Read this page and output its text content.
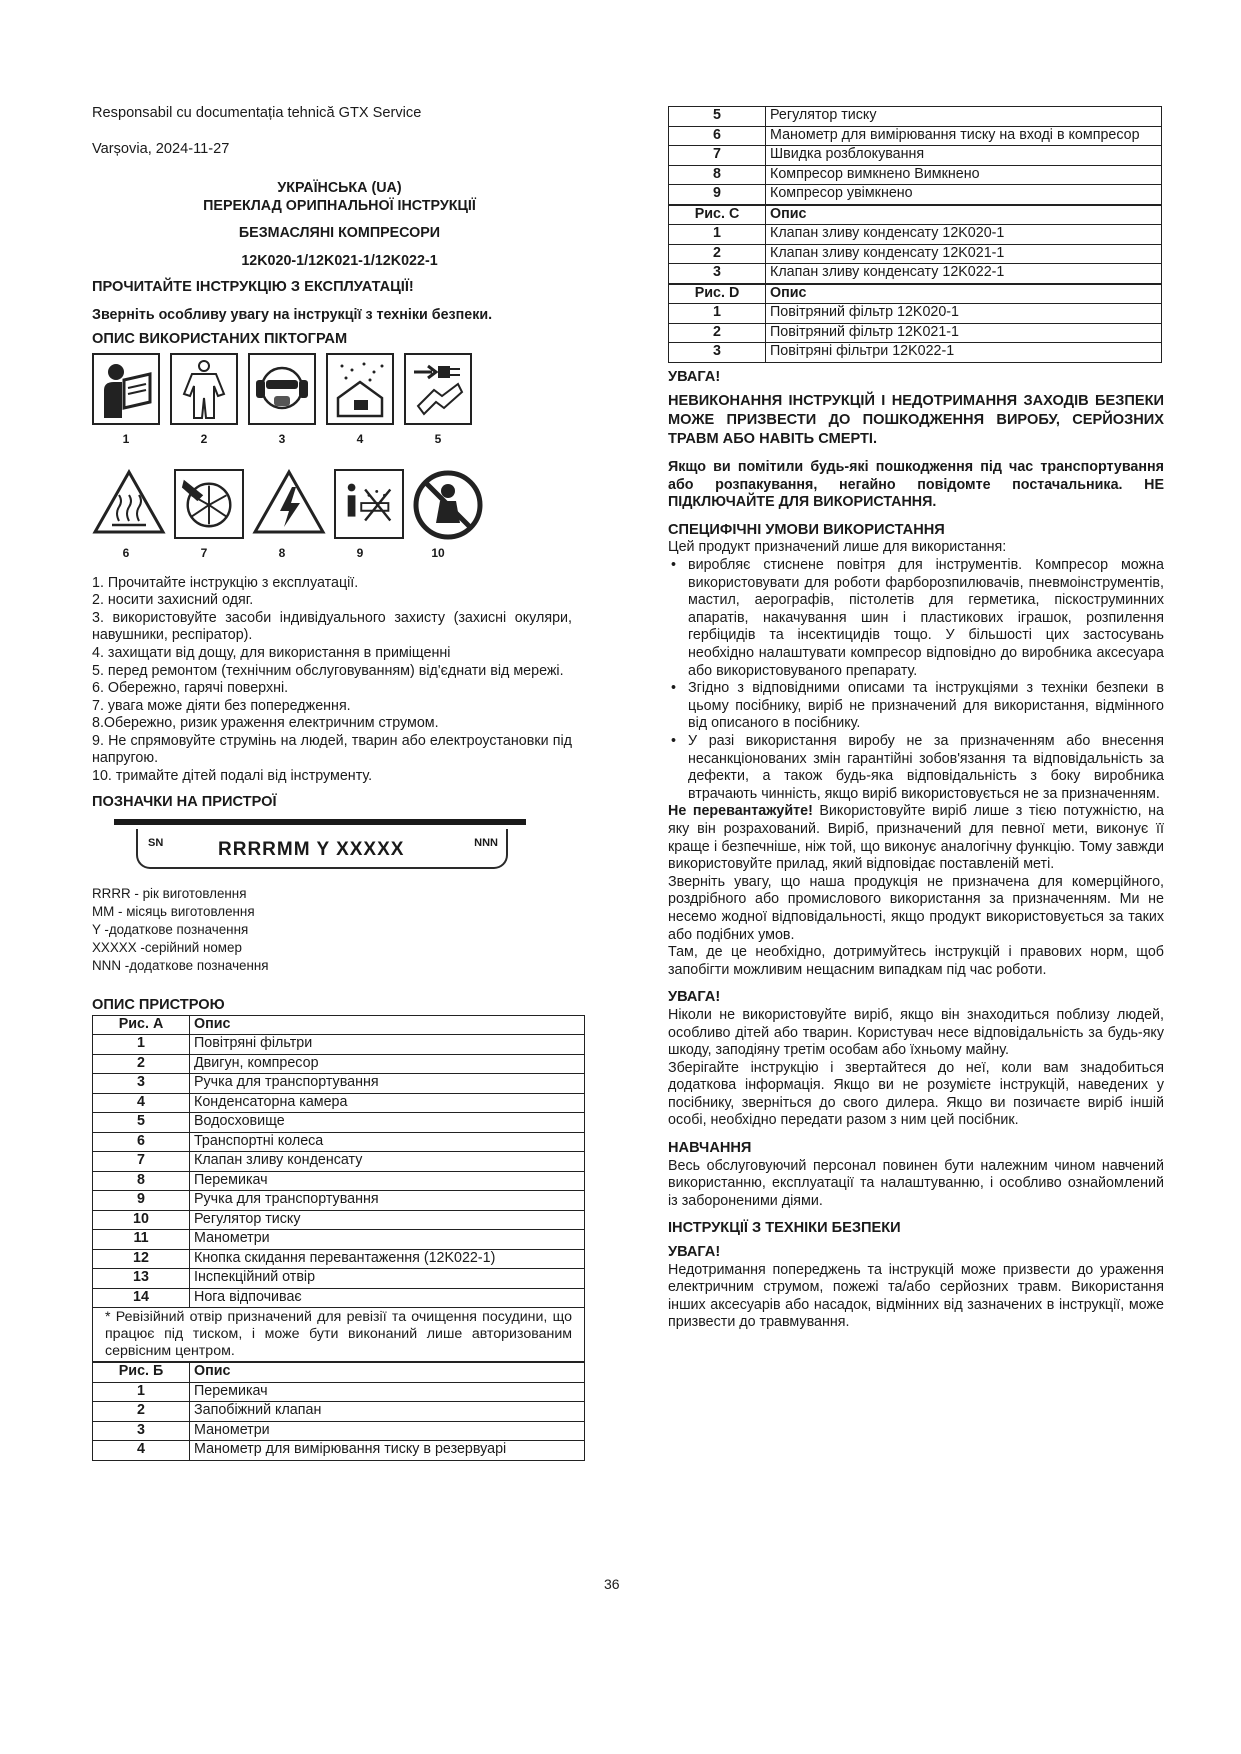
Responsabil cu documentația tehnică GTX Service

Varșovia, 2024-11-27

УКРАЇНСЬКА (UA)

ПЕРЕКЛАД ОРИПНАЛЬНОЇ ІНСТРУКЦІЇ

БЕЗМАСЛЯНІ КОМПРЕСОРИ

12K020-1/12K021-1/12K022-1

ПРОЧИТАЙТЕ ІНСТРУКЦІЮ З ЕКСПЛУАТАЦІЇ!

Зверніть особливу увагу на інструкції з техніки безпеки.

ОПИС ВИКОРИСТАНИХ ПІКТОГРАМ

1	2	3	4	5
6	7	8	9	10

1. Прочитайте інструкцію з експлуатації.

2. носити захисний одяг.

3. використовуйте засоби індивідуального захисту (захисні окуляри, навушники, респіратор).

4. захищати від дощу, для використання в приміщенні

5. перед ремонтом (технічним обслуговуванням) від'єднати від мережі.

6. Обережно, гарячі поверхні.

7. увага може діяти без попередження.

8.Обережно, ризик ураження електричним струмом.

9. Не спрямовуйте струмінь на людей, тварин або електроустановки під напругою.

10. тримайте дітей подалі від інструменту.

ПОЗНАЧКИ НА ПРИСТРОЇ

SN	RRRRMM Y XXXXX	NNN

RRRR - рік виготовлення

MM - місяць виготовлення

Y -додаткове позначення

XXXXX -серійний номер

NNN -додаткове позначення

ОПИС ПРИСТРОЮ

Рис. A	Опис
1	Повітряні фільтри
2	Двигун, компресор
3	Ручка для транспортування
4	Конденсаторна камера
5	Водосховище
6	Транспортні колеса
7	Клапан зливу конденсату
8	Перемикач
9	Ручка для транспортування
10	Регулятор тиску
11	Манометри
12	Кнопка скидання перевантаження (12K022-1)
13	Інспекційний отвір
14	Нога відпочиває
* Ревізійний отвір призначений для ревізії та очищення посудини, що працює під тиском, і може бути виконаний лише авторизованим сервісним центром.	
Рис. Б	Опис
1	Перемикач
2	Запобіжний клапан
3	Манометри
4	Манометр для вимірювання тиску в резервуарі
5	Регулятор тиску
6	Манометр для вимірювання тиску на вході в компресор
7	Швидка розблокування
8	Компресор вимкнено Вимкнено
9	Компресор увімкнено
Рис. C	Опис
1	Клапан зливу конденсату 12K020-1
2	Клапан зливу конденсату 12K021-1
3	Клапан зливу конденсату 12K022-1
Рис. D	Опис
1	Повітряний фільтр 12K020-1
2	Повітряний фільтр 12K021-1
3	Повітряні фільтри 12K022-1

УВАГА!

НЕВИКОНАННЯ ІНСТРУКЦІЙ І НЕДОТРИМАННЯ ЗАХОДІВ БЕЗПЕКИ МОЖЕ ПРИЗВЕСТИ ДО ПОШКОДЖЕННЯ ВИРОБУ, СЕРЙОЗНИХ ТРАВМ АБО НАВІТЬ СМЕРТІ.

Якщо ви помітили будь-які пошкодження під час транспортування або розпакування, негайно повідомте постачальника. НЕ ПІДКЛЮЧАЙТЕ ДЛЯ ВИКОРИСТАННЯ.

СПЕЦИФІЧНІ УМОВИ ВИКОРИСТАННЯ

Цей продукт призначений лише для використання:

• виробляє стиснене повітря для інструментів. Компресор можна використовувати для роботи фарборозпилювачів, пневмоінструментів, мастил, аерографів, пістолетів для герметика, піскоструминних апаратів, накачування шин і пластикових іграшок, розпилення гербіцидів та інсектицидів тощо. У більшості цих застосувань необхідно налаштувати компресор відповідно до виробника аксесуара або використовуваного препарату.
• Згідно з відповідними описами та інструкціями з техніки безпеки в цьому посібнику, виріб не призначений для використання, відмінного від описаного в посібнику.
• У разі використання виробу не за призначенням або внесення несанкціонованих змін гарантійні зобов'язання та відповідальність за дефекти, а також будь-яка відповідальність з боку виробника втрачають чинність, якщо виріб використовується не за призначенням.

Не перевантажуйте! Використовуйте виріб лише з тією потужністю, на яку він розрахований. Виріб, призначений для певної мети, виконує її краще і безпечніше, ніж той, що виконує аналогічну функцію. Тому завжди використовуйте прилад, який відповідає поставленій меті.

Зверніть увагу, що наша продукція не призначена для комерційного, роздрібного або промислового використання за призначенням. Ми не несемо жодної відповідальності, якщо продукт використовується за таких або подібних умов.

Там, де це необхідно, дотримуйтесь інструкцій і правових норм, щоб запобігти можливим нещасним випадкам під час роботи.

УВАГА!

Ніколи не використовуйте виріб, якщо він знаходиться поблизу людей, особливо дітей або тварин. Користувач несе відповідальність за будь-яку шкоду, заподіяну третім особам або їхньому майну.

Зберігайте інструкцію і звертайтеся до неї, коли вам знадобиться додаткова інформація. Якщо ви не розумієте інструкцій, наведених у посібнику, зверніться до свого дилера. Якщо ви позичаєте виріб іншій особі, необхідно передати разом з ним цей посібник.

НАВЧАННЯ

Весь обслуговуючий персонал повинен бути належним чином навчений використанню, експлуатації та налаштуванню, і особливо ознайомлений із забороненими діями.

ІНСТРУКЦІЇ З ТЕХНІКИ БЕЗПЕКИ

УВАГА!

Недотримання попереджень та інструкцій може призвести до ураження електричним струмом, пожежі та/або серйозних травм. Використання інших аксесуарів або насадок, відмінних від зазначених в інструкції, може призвести до травмування.

36
